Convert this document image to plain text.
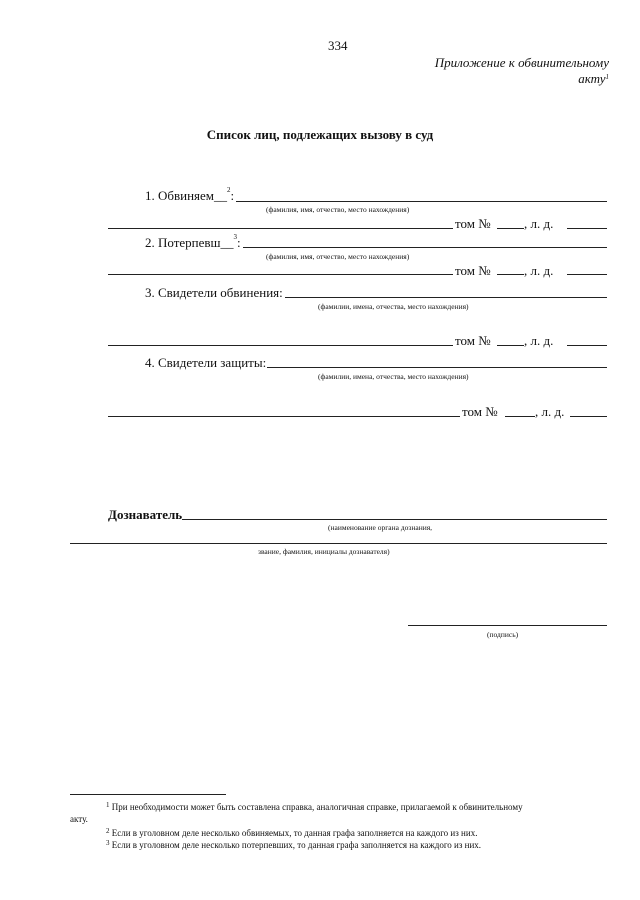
334
Приложение к обвинительному
акту$^1$
Список лиц, подлежащих вызову в суд
1. Обвиняем__$^2$:
(фамилия, имя, отчество, место нахождения)
том №	, л. д.
2. Потерпевш__$^3$:
(фамилия, имя, отчество, место нахождения)
том №	, л. д.
3. Свидетели обвинения:
(фамилии, имена, отчества, место нахождения)
том №	, л. д.
4. Свидетели защиты:
(фамилии, имена, отчества, место нахождения)
том №	, л. д.
Дознаватель
(наименование органа дознания,
звание, фамилия, инициалы дознавателя)
(подпись)
$^1$ При необходимости может быть составлена справка, аналогичная справке, прилагаемой к обвинительному
акту.
$^2$ Если в уголовном деле несколько обвиняемых, то данная графа заполняется на каждого из них.
$^3$ Если в уголовном деле несколько потерпевших, то данная графа заполняется на каждого из них.
